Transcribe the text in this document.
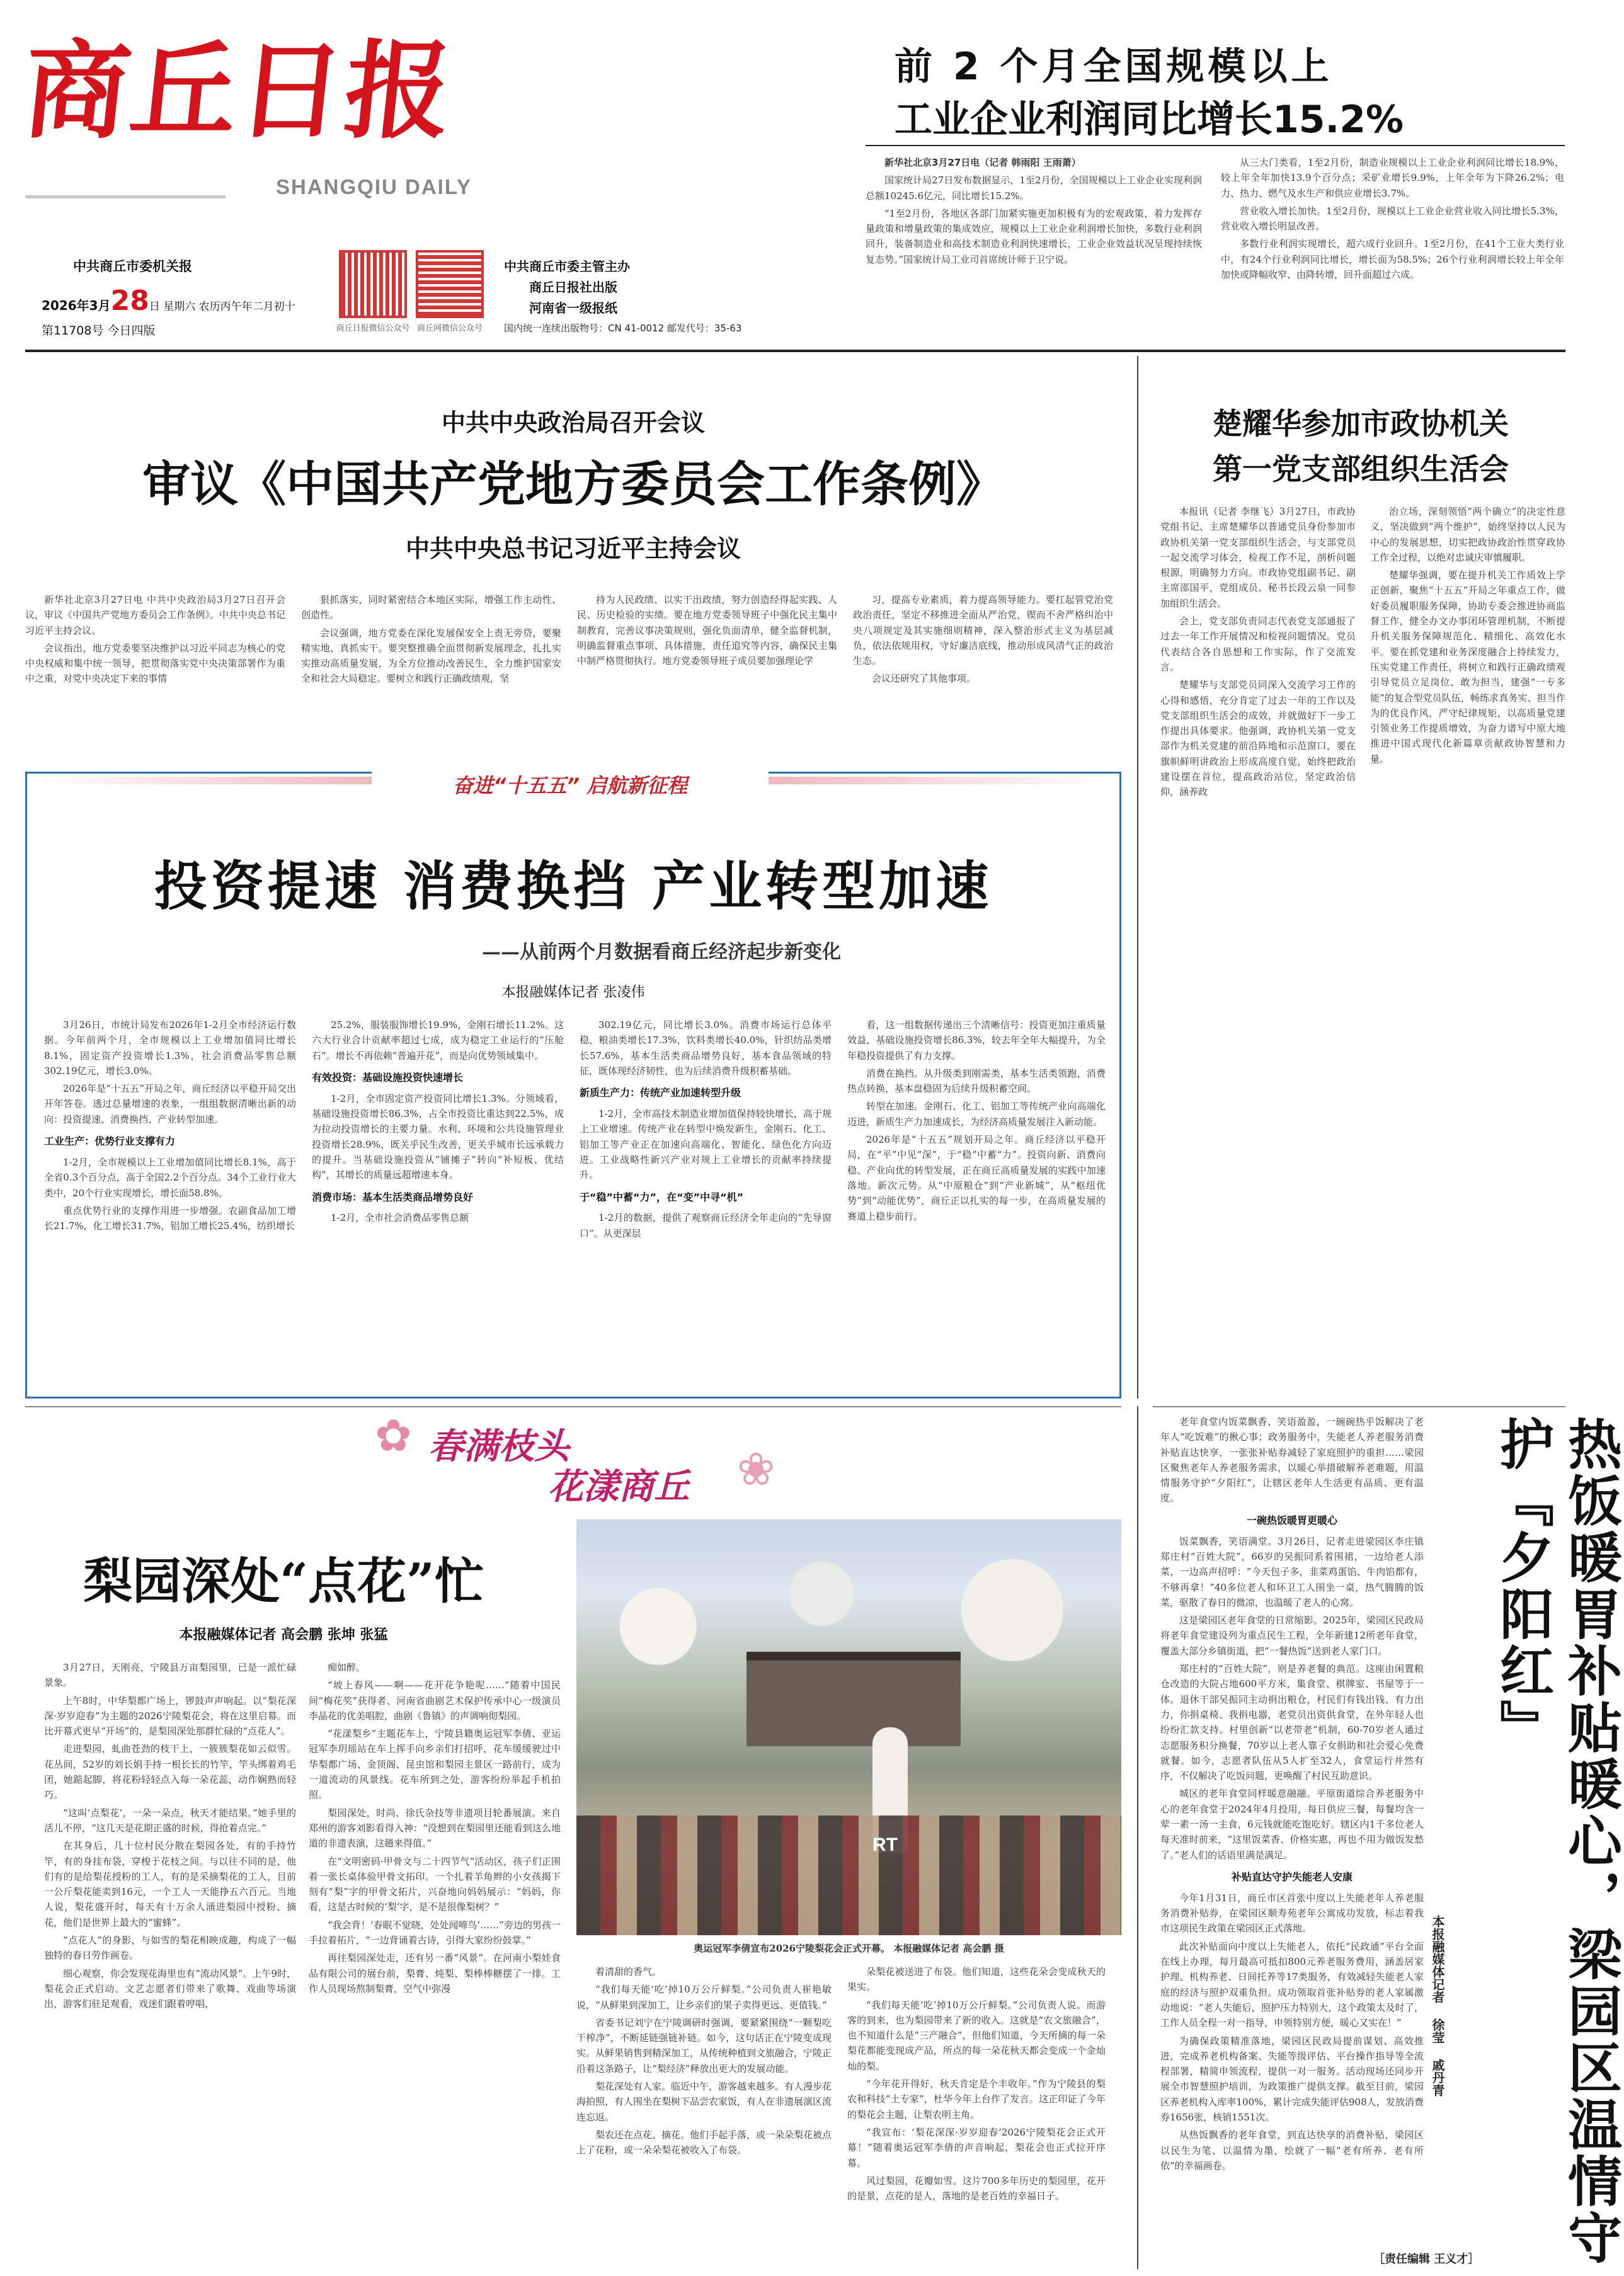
商丘日报
SHANGQIU DAILY
中共商丘市委机关报
2026年3月28日 星期六 农历丙午年二月初十
第11708号 今日四版	商丘日报微信公众号 商丘网微信公众号
中共商丘市委主管主办
商丘日报社出版
河南省一级报纸
国内统一连续出版物号：CN 41-0012 邮发代号：35-63
前 2 个月全国规模以上
工业企业利润同比增长15.2%

新华社北京3月27日电（记者 韩雨阳 王雨萧）

国家统计局27日发布数据显示，1至2月份，全国规模以上工业企业实现利润总额10245.6亿元，同比增长15.2%。

“1至2月份，各地区各部门加紧实施更加积极有为的宏观政策，着力发挥存量政策和增量政策的集成效应，规模以上工业企业利润增长加快，多数行业利润回升，装备制造业和高技术制造业利润快速增长，工业企业效益状况呈现持续恢复态势。”国家统计局工业司首席统计师于卫宁说。

从三大门类看，1至2月份，制造业规模以上工业企业利润同比增长18.9%，较上年全年加快13.9个百分点；采矿业增长9.9%，上年全年为下降26.2%；电力、热力、燃气及水生产和供应业增长3.7%。

营业收入增长加快。1至2月份，规模以上工业企业营业收入同比增长5.3%，营业收入增长明显改善。

多数行业利润实现增长，超六成行业回升。1至2月份，在41个工业大类行业中，有24个行业利润同比增长，增长面为58.5%；26个行业利润增长较上年全年加快或降幅收窄、由降转增，回升面超过六成。

中共中央政治局召开会议
审议《中国共产党地方委员会工作条例》
中共中央总书记习近平主持会议

新华社北京3月27日电 中共中央政治局3月27日召开会议，审议《中国共产党地方委员会工作条例》。中共中央总书记习近平主持会议。

会议指出，地方党委要坚决维护以习近平同志为核心的党中央权威和集中统一领导，把贯彻落实党中央决策部署作为重中之重，对党中央决定下来的事情

狠抓落实，同时紧密结合本地区实际，增强工作主动性、创造性。

会议强调，地方党委在深化发展保安全上责无旁贷，要聚精实地、真抓实干。要突整推确全面贯彻新发展理念，扎扎实实推动高质量发展，为全方位推动改善民生，全力维护国家安全和社会大局稳定。要树立和践行正确政绩观，坚

持为人民政绩、以实干出政绩，努力创造经得起实践、人民、历史检验的实绩。要在地方党委领导班子中强化民主集中制教育，完善议事决策规则，强化负面清单，健全监督机制，明确监督重点事项、具体措施，责任追究等内容，确保民主集中制严格贯彻执行。地方党委领导班子成员要加强理论学

习，提高专业素质，着力提高领导能力。要扛起管党治党政治责任，坚定不移推进全面从严治党，锲而不舍严格纠治中央八项规定及其实施细则精神，深入整治形式主义为基层减负，依法依规用权，守好廉洁底线，推动形成风清气正的政治生态。

会议还研究了其他事项。

奋进“十五五” 启航新征程
投资提速 消费换挡 产业转型加速
——从前两个月数据看商丘经济起步新变化
本报融媒体记者 张凌伟

3月26日，市统计局发布2026年1-2月全市经济运行数据。今年前两个月，全市规模以上工业增加值同比增长8.1%，固定资产投资增长1.3%，社会消费品零售总额302.19亿元，增长3.0%。

2026年是“十五五”开局之年，商丘经济以平稳开局交出开年答卷。透过总量增速的表象，一组组数据清晰出新的动向：投资提速、消费换挡、产业转型加速。

工业生产：优势行业支撑有力

1-2月，全市规模以上工业增加值同比增长8.1%，高于全省0.3个百分点，高于全国2.2个百分点。34个工业行业大类中，20个行业实现增长，增长面58.8%。

重点优势行业的支撑作用进一步增强。农副食品加工增长21.7%，化工增长31.7%，铝加工增长25.4%，纺织增长

25.2%，服装服饰增长19.9%，金刚石增长11.2%。这六大行业合计贡献率超过七成，成为稳定工业运行的“压舱石”。增长不再依赖“普遍开花”，而是向优势领域集中。

有效投资：基础设施投资快速增长

1-2月，全市固定资产投资同比增长1.3%。分领域看，基础设施投资增长86.3%，占全市投资比重达到22.5%，成为拉动投资增长的主要力量。水利、环境和公共设施管理业投资增长28.9%，既关乎民生改善，更关乎城市长远承载力的提升。当基础设施投资从“铺摊子”转向“补短板、优结构”，其增长的质量远超增速本身。

消费市场：基本生活类商品增势良好

1-2月，全市社会消费品零售总额

302.19亿元，同比增长3.0%。消费市场运行总体平稳，粮油类增长17.3%，饮料类增长40.0%，针织纺品类增长57.6%，基本生活类商品增势良好，基本食品领域的特征，既体现经济韧性，也为后续消费升级积蓄基础。

新质生产力：传统产业加速转型升级

1-2月，全市高技术制造业增加值保持较快增长，高于规上工业增速。传统产业在转型中焕发新生，金刚石、化工、铝加工等产业正在加速向高端化、智能化、绿色化方向迈进。工业战略性新兴产业对规上工业增长的贡献率持续提升。

于“稳”中蓄“力”，在“变”中寻“机”

1-2月的数据，提供了观察商丘经济全年走向的“先导窗口”。从更深层

看，这一组数据传递出三个清晰信号：投资更加注重质量效益，基础设施投资增长86.3%，较去年全年大幅提升，为全年稳投资提供了有力支撑。

消费在换挡。从升级类到刚需类，基本生活类领跑，消费热点转换，基本盘稳固为后续升级积蓄空间。

转型在加速。金刚石、化工、铝加工等传统产业向高端化迈进，新质生产力加速成长，为经济高质量发展注入新动能。

2026年是“十五五”规划开局之年。商丘经济以平稳开局，在“平”中见“深”，于“稳”中蓄“力”。投资向新、消费向稳、产业向优的转型发展，正在商丘高质量发展的实践中加速落地。新次元势。从“中原粮仓”到“产业新城”，从“枢纽优势”到“动能优势”，商丘正以扎实的每一步，在高质量发展的赛道上稳步前行。

楚耀华参加市政协机关
第一党支部组织生活会

本报讯（记者 李继飞）3月27日，市政协党组书记、主席楚耀华以普通党员身份参加市政协机关第一党支部组织生活会，与支部党员一起交流学习体会，检视工作不足，剖析问题根源，明确努力方向。市政协党组副书记、副主席邵国平，党组成员、秘书长段云泉一同参加组织生活会。

会上，党支部负责同志代表党支部通报了过去一年工作开展情况和检视问题情况。党员代表结合各自思想和工作实际，作了交流发言。

楚耀华与支部党员同深入交流学习工作的心得和感悟，充分肯定了过去一年的工作以及党支部组织生活会的成效，并就做好下一步工作提出具体要求。他强调，政协机关第一党支部作为机关党建的前沿阵地和示范窗口，要在旗帜鲜明讲政治上形成高度自觉，始终把政治建设摆在首位，提高政治站位，坚定政治信仰，涵养政

治立场，深刻领悟“两个确立”的决定性意义，坚决做到“两个维护”，始终坚持以人民为中心的发展思想，切实把政协政治性贯穿政协工作全过程，以绝对忠诚庆审慎履职。

楚耀华强调，要在提升机关工作质效上学正创新，聚焦“十五五”开局之年重点工作，做好委员履职服务保障，协助专委会推进协商监督工作，健全办文办事闭环管理机制，不断提升机关服务保障规范化、精细化、高效化水平。要在抓党建和业务深度融合上持续发力，压实党建工作责任，将树立和践行正确政绩观引导党员立足岗位、敢为担当，建强“一专多能”的复合型党员队伍，畅练求真务实、担当作为的优良作风，严守纪律规矩，以高质量党建引领业务工作提质增效，为奋力谱写中原大地推进中国式现代化新篇章贡献政协智慧和力量。

✿
❀
春满枝头
花漾商丘
梨园深处“点花”忙
本报融媒体记者 高会鹏 张坤 张猛
RT
奥运冠军李倩宣布2026宁陵梨花会正式开幕。 本报融媒体记者 高会鹏 摄

3月27日，天刚亮，宁陵县万亩梨园里，已是一派忙碌景象。

上午8时，中华梨都广场上，锣鼓声声响起。以“梨花深深·岁岁迎春”为主题的2026宁陵梨花会，将在这里启幕。而比开幕式更早“开场”的，是梨园深处那群忙碌的“点花人”。

走进梨园，虬曲苍劲的枝干上，一簇簇梨花如云似雪。花丛间，52岁的刘长娟手持一根长长的竹竿，竿头绑着鸡毛团，她踮起脚，将花粉轻轻点入每一朵花蕊，动作娴熟而轻巧。

“这叫‘点梨花’，一朵一朵点，秋天才能结果。”她手里的活儿不停，“这几天是花期正盛的时候，得抢着点完。”

在其身后，几十位村民分散在梨园各处，有的手持竹竿，有的身挂布袋，穿梭于花枝之间。与以往不同的是，他们有的是给梨花授粉的工人，有的是采摘梨花的工人，目前一公斤梨花能卖到16元，一个工人一天能挣五六百元。当地人说，梨花盛开时，每天有十万余人涌进梨园中授粉、摘花，他们是世界上最大的“蜜蜂”。

“点花人”的身影，与如雪的梨花相映成趣，构成了一幅独特的春日劳作画卷。

细心观察，你会发现花海里也有“流动风景”。上午9时，梨花会正式启动。文艺志愿者们带来了歌舞、戏曲等场演出，游客们驻足观看，戏迷们跟着哼唱，

痴如醉。

“坡上春风——啊——花开花争艳呢……”随着中国民间“梅花奖”获得者、河南省曲剧艺术保护传承中心一级演员李晶花的优美唱腔，曲剧《鲁镇》的声调响彻梨园。

“花漾梨乡”主题花车上，宁陵县籍奥运冠军李倩、亚运冠军李玥瑶站在车上挥手向乡亲们打招呼，花车缓缓驶过中华梨都广场、金顶阁、昆虫馆和梨园主景区一路前行，成为一道流动的风景线。花车所到之处，游客纷纷举起手机拍照。

梨园深处，时尚、徐氏杂技等非遗项目轮番展演。来自郑州的游客刘影看得入神：“没想到在梨园里还能看到这么地道的非遗表演，这趟来得值。”

在“文明密码·甲骨文与二十四节气”活动区，孩子们正围着一张长桌体验甲骨文拓印。一个扎着羊角辫的小女孩揭下刻有“梨”字的甲骨文拓片，兴奋地向妈妈展示：“妈妈，你看，这是古时候的‘梨’字，是不是很像梨树？”

“我会背！‘春眠不觉晓，处处闻啼鸟’……”旁边的男孩一手拉着拓片，“一边背诵着古诗，引得大家纷纷鼓掌。”

再往梨园深处走，还有另一番“风景”。在河南小梨娃食品有限公司的展台前，梨膏、炖梨、梨棒棒糖摆了一排。工作人员现场熬制梨膏，空气中弥漫

着清甜的香气。

“我们每天能‘吃’掉10万公斤鲜梨。”公司负责人崔艳敏说，“从鲜果到深加工，让乡亲们的果子卖得更远、更值钱。”

省委书记刘宁在宁陵调研时强调，要紧紧围绕“一颗梨吃干榨净”，不断延链强链补链。如今，这句话正在宁陵变成现实。从鲜果销售到精深加工，从传统种植到文旅融合，宁陵正沿着这条路子，让“梨经济”释放出更大的发展动能。

梨花深处有人家。临近中午，游客越来越多。有人漫步花海拍照，有人围坐在梨树下品尝农家饭，有人在非遗展演区流连忘返。

梨农还在点花、摘花。他们手起手落，或一朵朵梨花被点上了花粉，或一朵朵梨花被收入了布袋。

朵梨花被送进了布袋。他们知道，这些花朵会变成秋天的果实。

“我们每天能‘吃’掉10万公斤鲜梨。”公司负责人说。而游客的到来，也为梨园带来了新的收入。这就是“农文旅融合”，也不知道什么是“三产融合”，但他们知道，今天所摘的每一朵梨花都能变现成产品，所点的每一朵花秋天都会变成一个金灿灿的梨。

“今年花开得好，秋天肯定是个丰收年。”作为宁陵县的梨农和科技“土专家”，杜华今年上台作了发言。这正印证了今年的梨花会主题，让梨农明主角。

“我宣布：‘梨花深深·岁岁迎春’2026宁陵梨花会正式开幕！”随着奥运冠军李倩的声音响起，梨花会也正式拉开序幕。

风过梨园，花瓣如雪。这片700多年历史的梨园里，花开的是景，点花的是人，落地的是老百姓的幸福日子。

老年食堂内饭菜飘香、笑语盈盈，一碗碗热乎饭解决了老年人“吃饭难”的揪心事；政务服务中，失能老人养老服务消费补贴直达快享，一张张补贴券减轻了家庭照护的重担……梁园区聚焦老年人养老服务需求，以暖心举措破解养老难题，用温情服务守护“夕阳红”，让辖区老年人生活更有品质、更有温度。

一碗热饭暖胃更暖心

饭菜飘香，笑语满堂。3月26日，记者走进梁园区李庄镇郑庄村“百姓大院”，66岁的吴振同系着围裙，一边给老人添菜，一边高声招呼：“今天包子多，韭菜鸡蛋馅、牛肉馅都有，不够再拿！”40多位老人和环卫工人围坐一桌，热气腾腾的饭菜，驱散了春日的微凉，也温暖了老人的心窝。

这是梁园区老年食堂的日常缩影。2025年，梁园区民政局将老年食堂建设列为重点民生工程，全年新建12所老年食堂，覆盖大部分乡镇街道，把“一餐热饭”送到老人家门口。

郑庄村的“百姓大院”，则是养老餐的典范。这座由闲置粮仓改造的大院占地600平方米，集食堂、棋牌室、书屋等于一体。退休干部吴振同主动捐出粮仓，村民们有钱出钱、有力出力，你捐桌椅、我捐电器，老党员出资供食堂，在外年轻人也纷纷汇款支持。村里创新“以老带老”机制，60-70岁老人通过志愿服务积分换餐，70岁以上老人靠子女捐助和社会爱心免费就餐。如今，志愿者队伍从5人扩至32人，食堂运行并然有序，不仅解决了吃饭问题，更唤醒了村民互助意识。

城区的老年食堂同样暖意融融。平原街道综合养老服务中心的老年食堂于2024年4月投用，每日供应三餐，每餐均含一荤一素一汤一主食，6元钱就能吃饱吃好。辖区内1千多位老人每天准时前来，“这里饭菜香、价格实惠，再也不用为做饭发愁了。”老人们的话语里满是满足。

补贴直达守护失能老人安康

今年1月31日，商丘市区首张中度以上失能老年人养老服务消费补贴券，在梁园区顺寿苑老年公寓成功发放，标志着我市这项民生政策在梁园区正式落地。

此次补贴面向中度以上失能老人，依托“民政通”平台全面在线上办理，每月最高可抵扣800元养老服务费用，涵盖居家护理、机构养老、日间托养等17类服务，有效减轻失能老人家庭的经济与照护双重负担。成功领取首张补贴券的老人家属激动地说：“老人失能后，照护压力特别大，这个政策太及时了，工作人员全程一对一指导，申领特别方便，暖心又实在！”

为确保政策精准落地，梁园区民政局提前谋划、高效推进，完成养老机构备案、失能等级评估、平台操作指导等全流程部署，精简申领流程，提供一对一服务。活动现场还同步开展全市智慧照护培训，为政策推广提供支撑。截至目前，梁园区养老机构入库率100%，累计完成失能评估908人，发放消费券1656张，核销1551次。

从热饭飘香的老年食堂，到直达快享的消费补贴，梁园区以民生为笔、以温情为墨，绘就了一幅“老有所养、老有所依”的幸福画卷。	热饭暖胃补贴暖心，梁园区温情守护『夕阳红』
本报融媒体记者 徐莹 戚丹青
［责任编辑 王义才］
